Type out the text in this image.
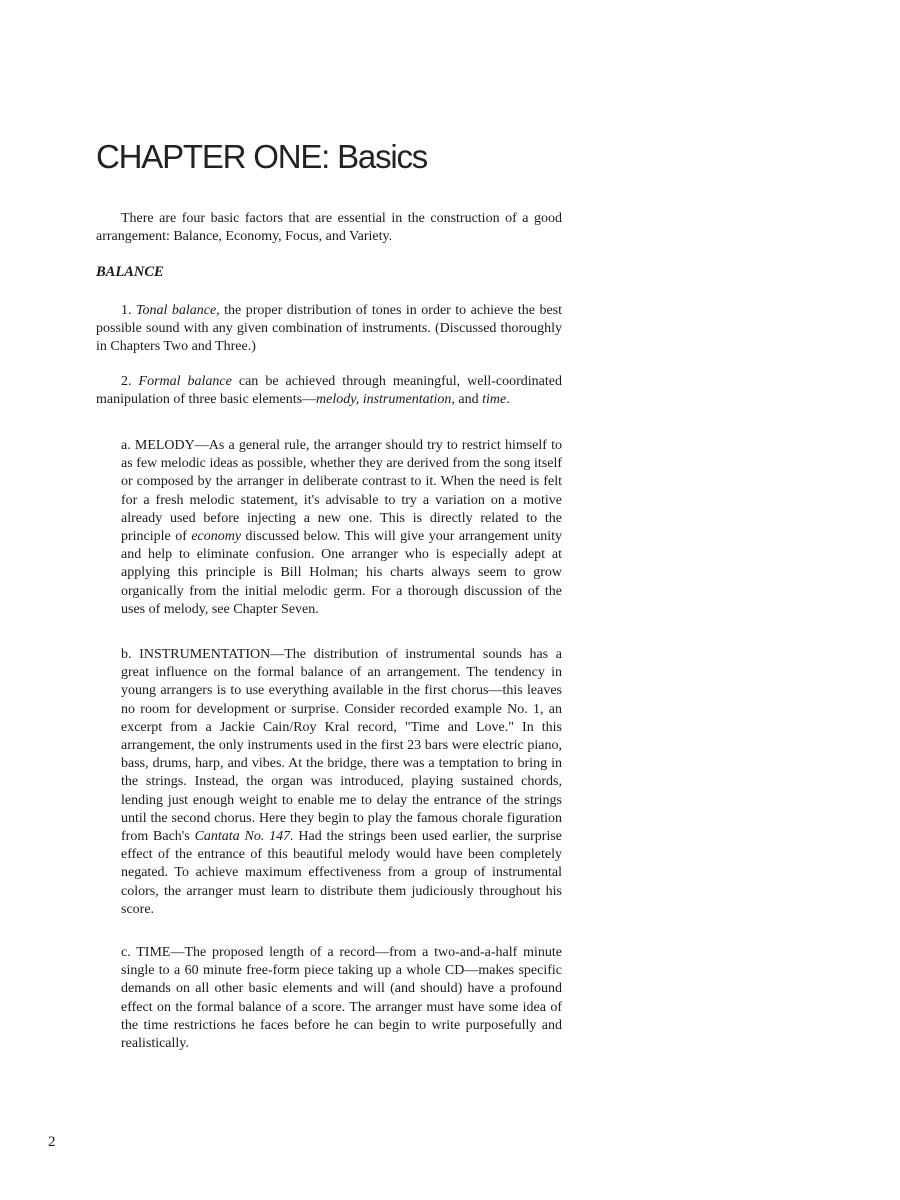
CHAPTER ONE: Basics

There are four basic factors that are essential in the construction of a good arrangement: Balance, Economy, Focus, and Variety.

BALANCE

1. Tonal balance, the proper distribution of tones in order to achieve the best possible sound with any given combination of instruments. (Discussed thoroughly in Chapters Two and Three.)

2. Formal balance can be achieved through meaningful, well-coordinated manipulation of three basic elements—melody, instrumentation, and time.

a. MELODY—As a general rule, the arranger should try to restrict himself to as few melodic ideas as possible, whether they are derived from the song itself or composed by the arranger in deliberate contrast to it. When the need is felt for a fresh melodic statement, it's advisable to try a variation on a motive already used before injecting a new one. This is directly related to the principle of economy discussed below. This will give your arrangement unity and help to eliminate confusion. One arranger who is especially adept at applying this principle is Bill Holman; his charts always seem to grow organically from the initial melodic germ. For a thorough discussion of the uses of melody, see Chapter Seven.

b. INSTRUMENTATION—The distribution of instrumental sounds has a great influence on the formal balance of an arrangement. The tendency in young arrangers is to use everything available in the first chorus—this leaves no room for development or surprise. Consider recorded example No. 1, an excerpt from a Jackie Cain/Roy Kral record, "Time and Love." In this arrangement, the only instruments used in the first 23 bars were electric piano, bass, drums, harp, and vibes. At the bridge, there was a temptation to bring in the strings. Instead, the organ was introduced, playing sustained chords, lending just enough weight to enable me to delay the entrance of the strings until the second chorus. Here they begin to play the famous chorale figuration from Bach's Cantata No. 147. Had the strings been used earlier, the surprise effect of the entrance of this beautiful melody would have been completely negated. To achieve maximum effectiveness from a group of instrumental colors, the arranger must learn to distribute them judiciously throughout his score.

c. TIME—The proposed length of a record—from a two-and-a-half minute single to a 60 minute free-form piece taking up a whole CD—makes specific demands on all other basic elements and will (and should) have a profound effect on the formal balance of a score. The arranger must have some idea of the time restrictions he faces before he can begin to write purposefully and realistically.

2
